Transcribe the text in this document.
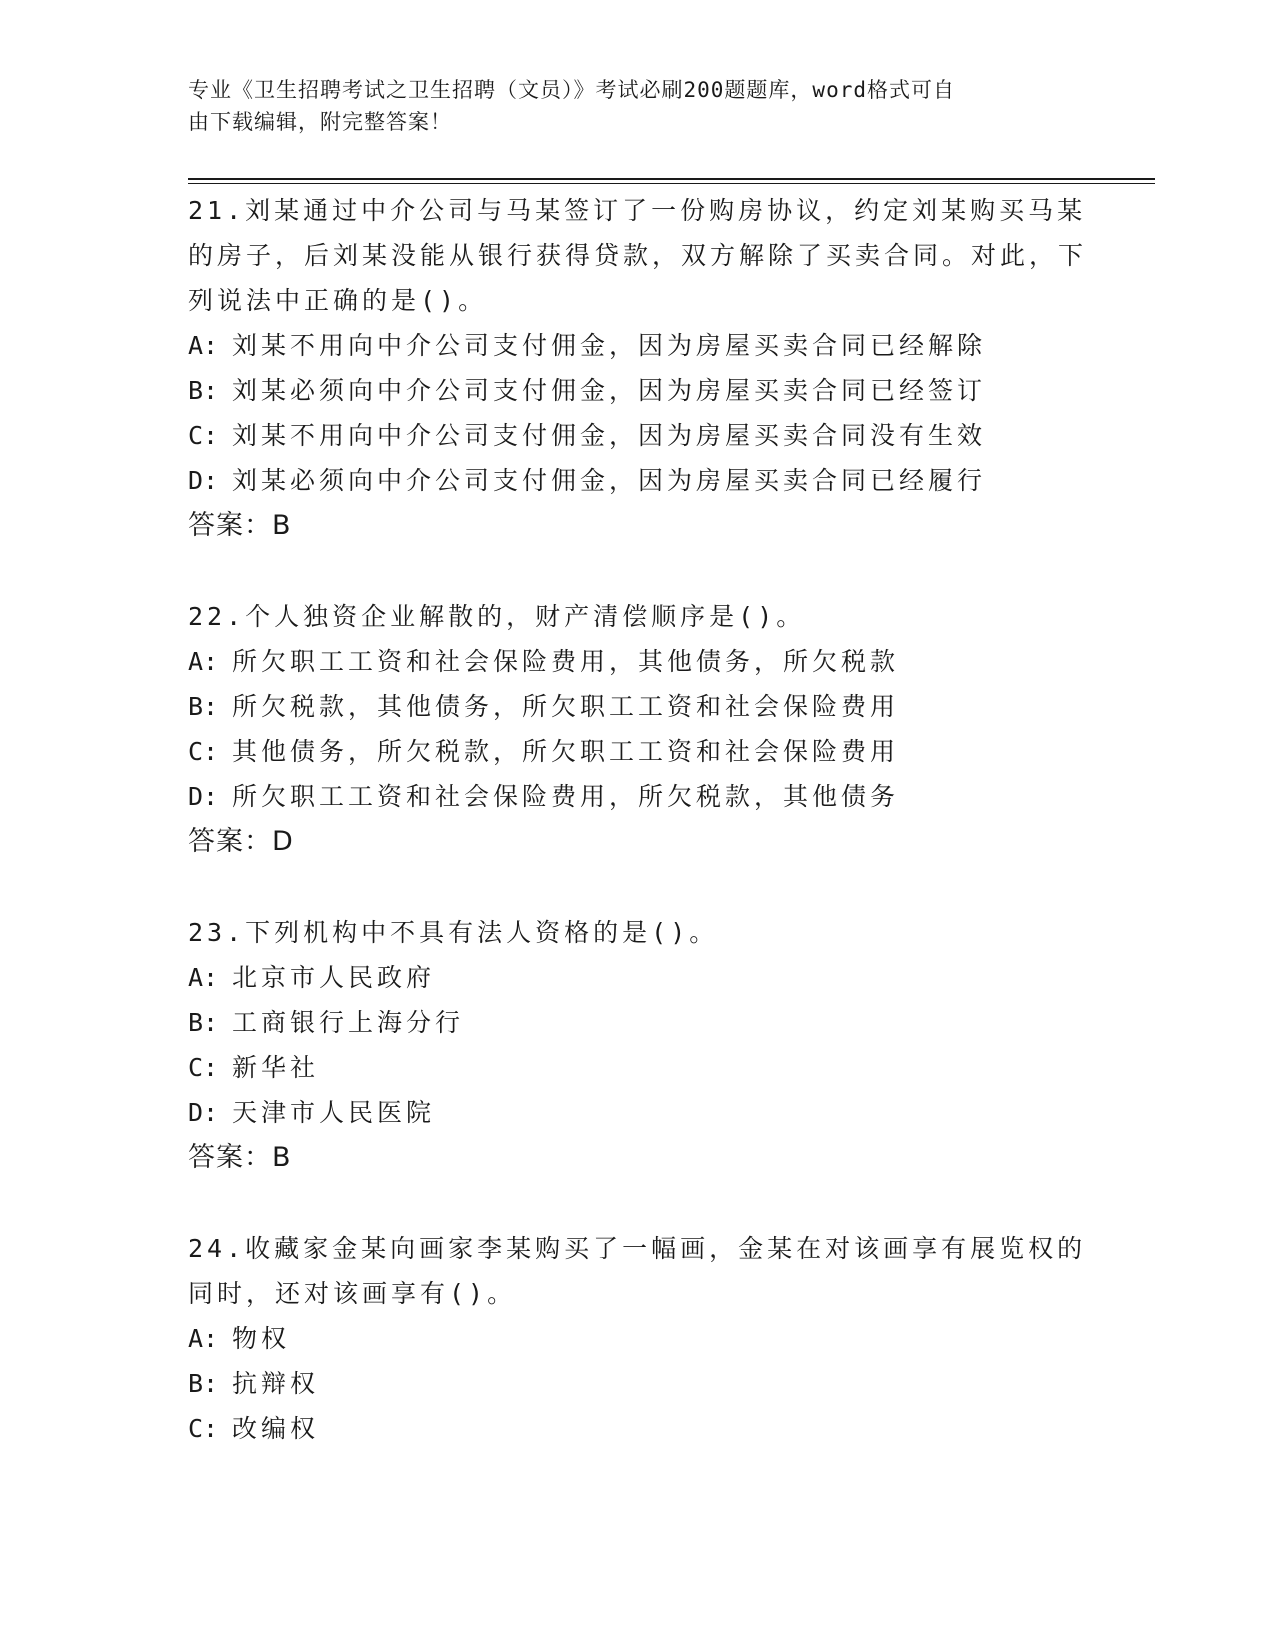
专业《卫生招聘考试之卫生招聘（文员）》考试必刷200题题库，word格式可自
由下载编辑，附完整答案！
21.刘某通过中介公司与马某签订了一份购房协议，约定刘某购买马某的房子，后刘某没能从银行获得贷款，双方解除了买卖合同。对此，下列说法中正确的是()。
A: 刘某不用向中介公司支付佣金，因为房屋买卖合同已经解除
B: 刘某必须向中介公司支付佣金，因为房屋买卖合同已经签订
C: 刘某不用向中介公司支付佣金，因为房屋买卖合同没有生效
D: 刘某必须向中介公司支付佣金，因为房屋买卖合同已经履行
答案：B
22.个人独资企业解散的，财产清偿顺序是()。
A: 所欠职工工资和社会保险费用，其他债务，所欠税款
B: 所欠税款，其他债务，所欠职工工资和社会保险费用
C: 其他债务，所欠税款，所欠职工工资和社会保险费用
D: 所欠职工工资和社会保险费用，所欠税款，其他债务
答案：D
23.下列机构中不具有法人资格的是()。
A: 北京市人民政府
B: 工商银行上海分行
C: 新华社
D: 天津市人民医院
答案：B
24.收藏家金某向画家李某购买了一幅画，金某在对该画享有展览权的同时，还对该画享有()。
A: 物权
B: 抗辩权
C: 改编权
